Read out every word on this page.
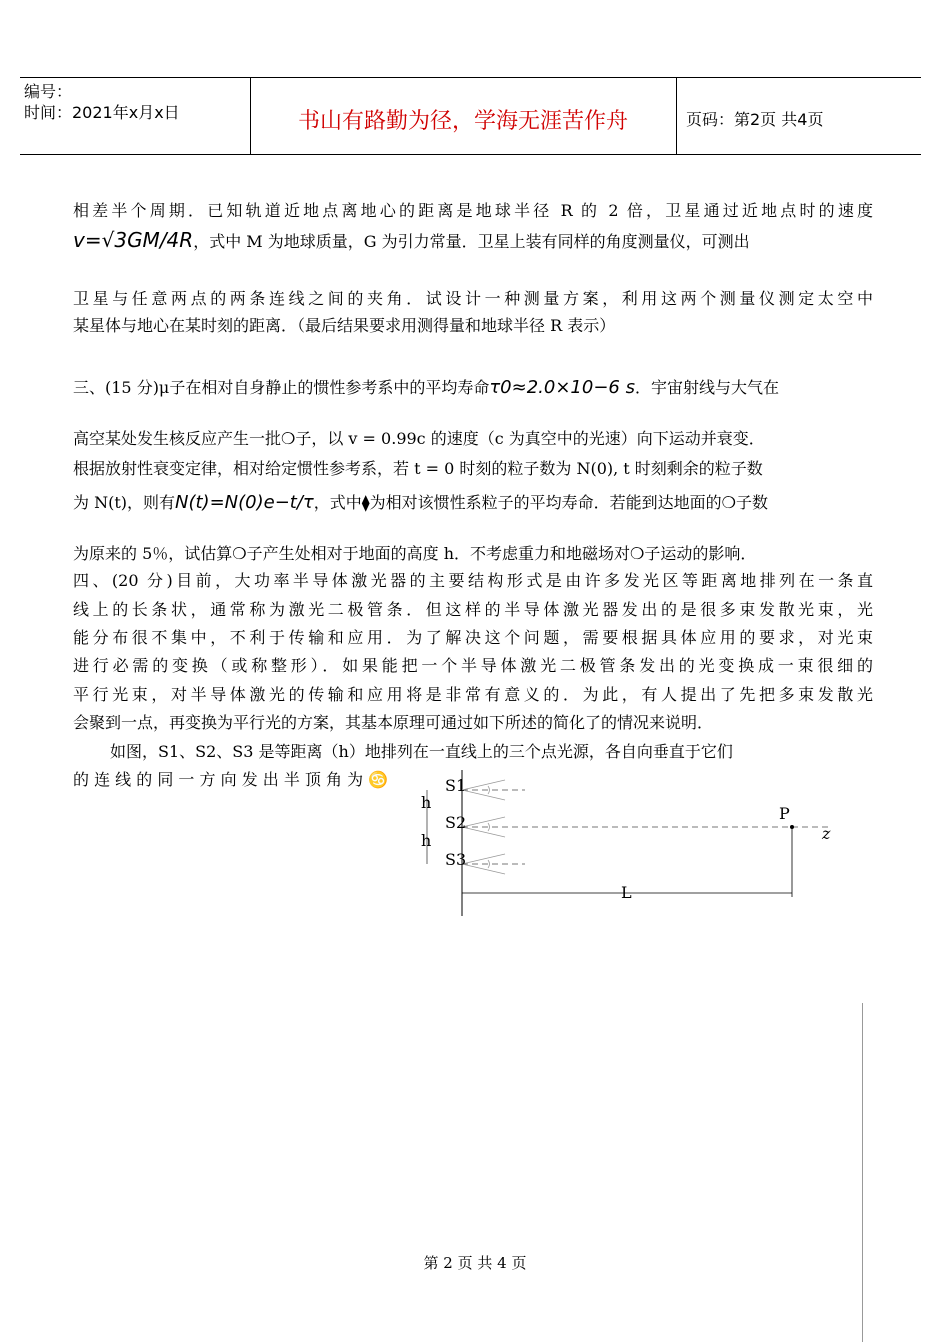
编号：
时间：2021年x月x日	书山有路勤为径，学海无涯苦作舟	页码：第2页 共4页
相差半个周期．已知轨道近地点离地心的距离是地球半径 R 的 2 倍，卫星通过近地点时的速度
v=√3GM/4R，式中 M 为地球质量，G 为引力常量．卫星上装有同样的角度测量仪，可测出
卫星与任意两点的两条连线之间的夹角．试设计一种测量方案，利用这两个测量仪测定太空中
某星体与地心在某时刻的距离．（最后结果要求用测得量和地球半径 R 表示）
三、(15 分)μ子在相对自身静止的惯性参考系中的平均寿命τ0≈2.0×10−6 s．宇宙射线与大气在
高空某处发生核反应产生一批❍子，以 v = 0.99c 的速度（c 为真空中的光速）向下运动并衰变．
根据放射性衰变定律，相对给定惯性参考系，若 t = 0 时刻的粒子数为 N(0), t 时刻剩余的粒子数
为 N(t)，则有N(t)=N(0)e−t/τ，式中⧫为相对该惯性系粒子的平均寿命．若能到达地面的❍子数
为原来的 5％，试估算❍子产生处相对于地面的高度 h．不考虑重力和地磁场对❍子运动的影响．
四、(20 分)目前，大功率半导体激光器的主要结构形式是由许多发光区等距离地排列在一条直
线上的长条状，通常称为激光二极管条．但这样的半导体激光器发出的是很多束发散光束，光
能分布很不集中，不利于传输和应用．为了解决这个问题，需要根据具体应用的要求，对光束
进行必需的变换（或称整形）．如果能把一个半导体激光二极管条发出的光变换成一束很细的
平行光束，对半导体激光的传输和应用将是非常有意义的．为此，有人提出了先把多束发散光
会聚到一点，再变换为平行光的方案，其基本原理可通过如下所述的简化了的情况来说明．
如图，S1、S2、S3 是等距离（h）地排列在一直线上的三个点光源，各自向垂直于它们
的 连 线 的 同 一 方 向 发 出 半 顶 角 为 ♋	S1
S2
S3
h
h
P
z
L
第 2 页 共 4 页
